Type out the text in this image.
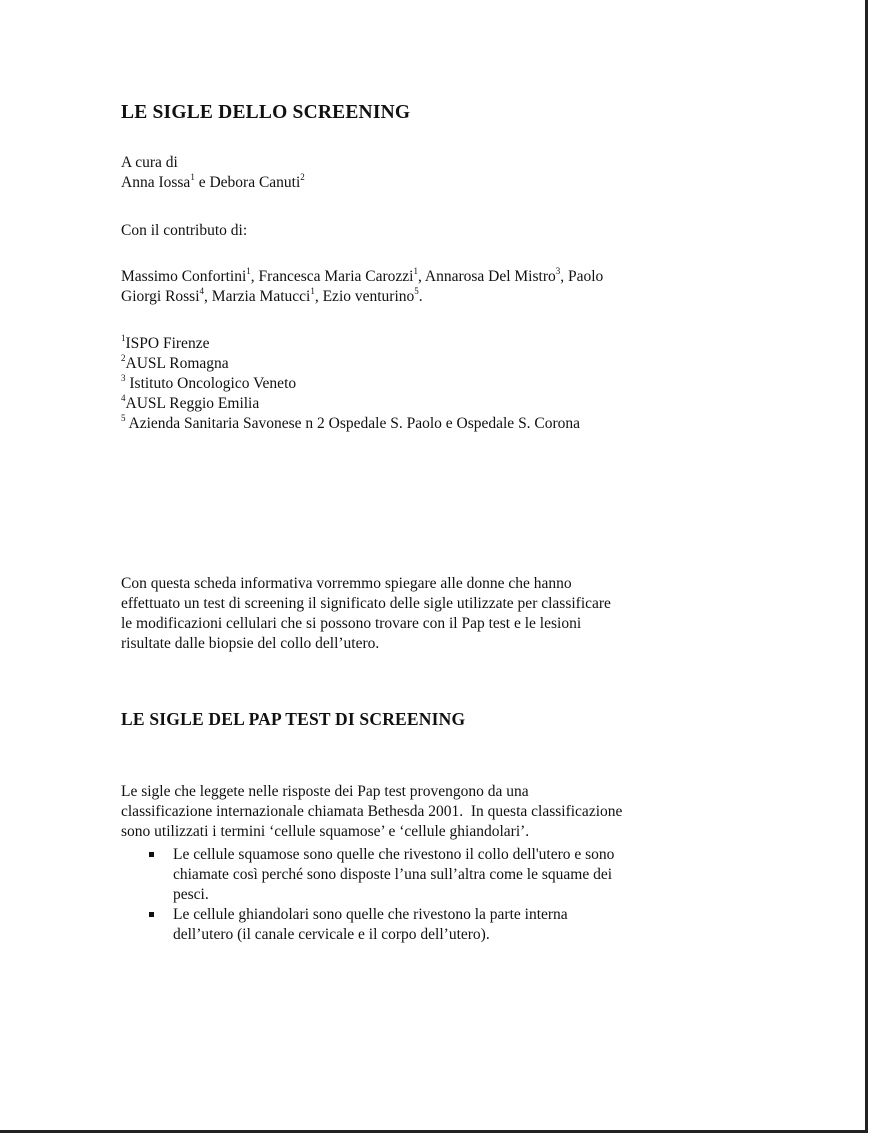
LE SIGLE DELLO SCREENING
A cura di
Anna Iossa$^1$ e Debora Canuti$^2$
Con il contributo di:
Massimo Confortini$^1$, Francesca Maria Carozzi$^1$, Annarosa Del Mistro$^3$, Paolo
Giorgi Rossi$^4$, Marzia Matucci$^1$, Ezio venturino$^5$.
$^1$ISPO Firenze
$^2$AUSL Romagna
$^3$ Istituto Oncologico Veneto
$^4$AUSL Reggio Emilia
$^5$ Azienda Sanitaria Savonese n 2 Ospedale S. Paolo e Ospedale S. Corona
Con questa scheda informativa vorremmo spiegare alle donne che hanno
effettuato un test di screening il significato delle sigle utilizzate per classificare
le modificazioni cellulari che si possono trovare con il Pap test e le lesioni
risultate dalle biopsie del collo dell’utero.
LE SIGLE DEL PAP TEST DI SCREENING
Le sigle che leggete nelle risposte dei Pap test provengono da una
classificazione internazionale chiamata Bethesda 2001.  In questa classificazione
sono utilizzati i termini ‘cellule squamose’ e ‘cellule ghiandolari’.
Le cellule squamose sono quelle che rivestono il collo dell'utero e sono
chiamate così perché sono disposte l’una sull’altra come le squame dei
pesci.
Le cellule ghiandolari sono quelle che rivestono la parte interna
dell’utero (il canale cervicale e il corpo dell’utero).
